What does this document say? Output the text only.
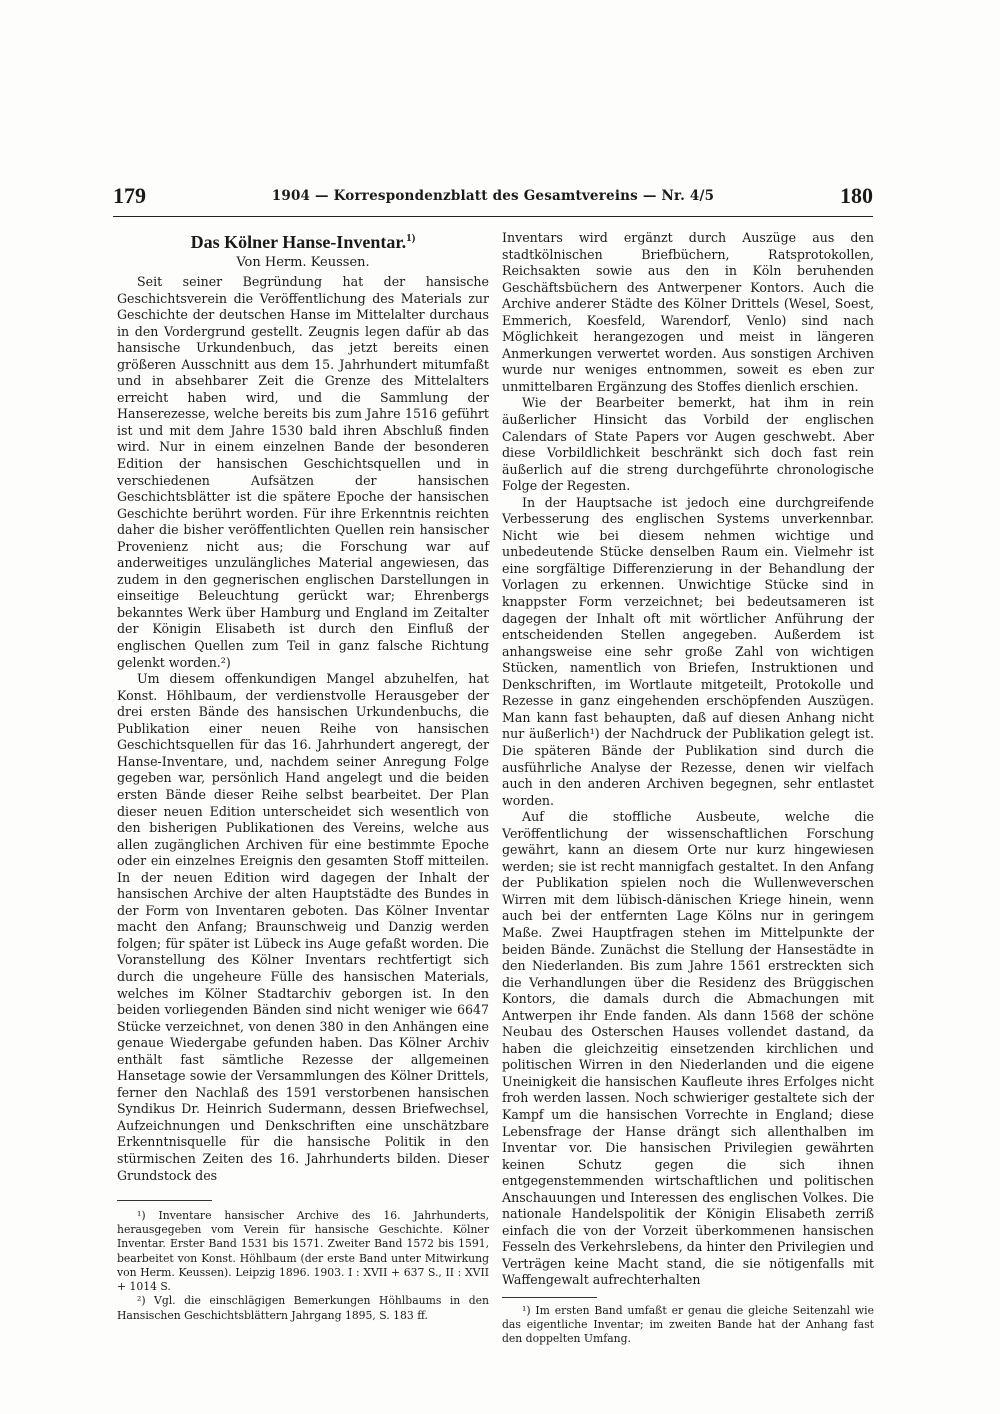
179	1904 — Korrespondenzblatt des Gesamtvereins — Nr. 4/5	180
Das Kölner Hanse-Inventar.$^{1)}$
Von Herm. Keussen.

Seit seiner Begründung hat der hansische Geschichtsverein die Veröffentlichung des Materials zur Geschichte der deutschen Hanse im Mittelalter durchaus in den Vordergrund gestellt. Zeugnis legen dafür ab das hansische Urkundenbuch, das jetzt bereits einen größeren Ausschnitt aus dem 15. Jahrhundert mitumfaßt und in absehbarer Zeit die Grenze des Mittelalters erreicht haben wird, und die Sammlung der Hanserezesse, welche bereits bis zum Jahre 1516 geführt ist und mit dem Jahre 1530 bald ihren Abschluß finden wird. Nur in einem einzelnen Bande der besonderen Edition der hansischen Geschichtsquellen und in verschiedenen Aufsätzen der hansischen Geschichtsblätter ist die spätere Epoche der hansischen Geschichte berührt worden. Für ihre Erkenntnis reichten daher die bisher veröffentlichten Quellen rein hansischer Provenienz nicht aus; die Forschung war auf anderweitiges unzulängliches Material angewiesen, das zudem in den gegnerischen englischen Darstellungen in einseitige Beleuchtung gerückt war; Ehrenbergs bekanntes Werk über Hamburg und England im Zeitalter der Königin Elisabeth ist durch den Einfluß der englischen Quellen zum Teil in ganz falsche Richtung gelenkt worden.²)

Um diesem offenkundigen Mangel abzuhelfen, hat Konst. Höhlbaum, der verdienstvolle Herausgeber der drei ersten Bände des hansischen Urkundenbuchs, die Publikation einer neuen Reihe von hansischen Geschichtsquellen für das 16. Jahrhundert angeregt, der Hanse-Inventare, und, nachdem seiner Anregung Folge gegeben war, persönlich Hand angelegt und die beiden ersten Bände dieser Reihe selbst bearbeitet. Der Plan dieser neuen Edition unterscheidet sich wesentlich von den bisherigen Publikationen des Vereins, welche aus allen zugänglichen Archiven für eine bestimmte Epoche oder ein einzelnes Ereignis den gesamten Stoff mitteilen. In der neuen Edition wird dagegen der Inhalt der hansischen Archive der alten Hauptstädte des Bundes in der Form von Inventaren geboten. Das Kölner Inventar macht den Anfang; Braunschweig und Danzig werden folgen; für später ist Lübeck ins Auge gefaßt worden. Die Voranstellung des Kölner Inventars rechtfertigt sich durch die ungeheure Fülle des hansischen Materials, welches im Kölner Stadtarchiv geborgen ist. In den beiden vorliegenden Bänden sind nicht weniger wie 6647 Stücke verzeichnet, von denen 380 in den Anhängen eine genaue Wiedergabe gefunden haben. Das Kölner Archiv enthält fast sämtliche Rezesse der allgemeinen Hansetage sowie der Versammlungen des Kölner Drittels, ferner den Nachlaß des 1591 verstorbenen hansischen Syndikus Dr. Heinrich Sudermann, dessen Briefwechsel, Aufzeichnungen und Denkschriften eine unschätzbare Erkenntnisquelle für die hansische Politik in den stürmischen Zeiten des 16. Jahrhunderts bilden. Dieser Grundstock des

¹) Inventare hansischer Archive des 16. Jahrhunderts, herausgegeben vom Verein für hansische Geschichte. Kölner Inventar. Erster Band 1531 bis 1571. Zweiter Band 1572 bis 1591, bearbeitet von Konst. Höhlbaum (der erste Band unter Mitwirkung von Herm. Keussen). Leipzig 1896. 1903. I : XVII + 637 S., II : XVII + 1014 S.

²) Vgl. die einschlägigen Bemerkungen Höhlbaums in den Hansischen Geschichtsblättern Jahrgang 1895, S. 183 ff.

Inventars wird ergänzt durch Auszüge aus den stadtkölnischen Briefbüchern, Ratsprotokollen, Reichsakten sowie aus den in Köln beruhenden Geschäftsbüchern des Antwerpener Kontors. Auch die Archive anderer Städte des Kölner Drittels (Wesel, Soest, Emmerich, Koesfeld, Warendorf, Venlo) sind nach Möglichkeit herangezogen und meist in längeren Anmerkungen verwertet worden. Aus sonstigen Archiven wurde nur weniges entnommen, soweit es eben zur unmittelbaren Ergänzung des Stoffes dienlich erschien.

Wie der Bearbeiter bemerkt, hat ihm in rein äußerlicher Hinsicht das Vorbild der englischen Calendars of State Papers vor Augen geschwebt. Aber diese Vorbildlichkeit beschränkt sich doch fast rein äußerlich auf die streng durchgeführte chronologische Folge der Regesten.

In der Hauptsache ist jedoch eine durchgreifende Verbesserung des englischen Systems unverkennbar. Nicht wie bei diesem nehmen wichtige und unbedeutende Stücke denselben Raum ein. Vielmehr ist eine sorgfältige Differenzierung in der Behandlung der Vorlagen zu erkennen. Unwichtige Stücke sind in knappster Form verzeichnet; bei bedeutsameren ist dagegen der Inhalt oft mit wörtlicher Anführung der entscheidenden Stellen angegeben. Außerdem ist anhangsweise eine sehr große Zahl von wichtigen Stücken, namentlich von Briefen, Instruktionen und Denkschriften, im Wortlaute mitgeteilt, Protokolle und Rezesse in ganz eingehenden erschöpfenden Auszügen. Man kann fast behaupten, daß auf diesen Anhang nicht nur äußerlich¹) der Nachdruck der Publikation gelegt ist. Die späteren Bände der Publikation sind durch die ausführliche Analyse der Rezesse, denen wir vielfach auch in den anderen Archiven begegnen, sehr entlastet worden.

Auf die stoffliche Ausbeute, welche die Veröffentlichung der wissenschaftlichen Forschung gewährt, kann an diesem Orte nur kurz hingewiesen werden; sie ist recht mannigfach gestaltet. In den Anfang der Publikation spielen noch die Wullenweverschen Wirren mit dem lübisch-dänischen Kriege hinein, wenn auch bei der entfernten Lage Kölns nur in geringem Maße. Zwei Hauptfragen stehen im Mittelpunkte der beiden Bände. Zunächst die Stellung der Hansestädte in den Niederlanden. Bis zum Jahre 1561 erstreckten sich die Verhandlungen über die Residenz des Brüggischen Kontors, die damals durch die Abmachungen mit Antwerpen ihr Ende fanden. Als dann 1568 der schöne Neubau des Osterschen Hauses vollendet dastand, da haben die gleichzeitig einsetzenden kirchlichen und politischen Wirren in den Niederlanden und die eigene Uneinigkeit die hansischen Kaufleute ihres Erfolges nicht froh werden lassen. Noch schwieriger gestaltete sich der Kampf um die hansischen Vorrechte in England; diese Lebensfrage der Hanse drängt sich allenthalben im Inventar vor. Die hansischen Privilegien gewährten keinen Schutz gegen die sich ihnen entgegenstemmenden wirtschaftlichen und politischen Anschauungen und Interessen des englischen Volkes. Die nationale Handelspolitik der Königin Elisabeth zerriß einfach die von der Vorzeit überkommenen hansischen Fesseln des Verkehrslebens, da hinter den Privilegien und Verträgen keine Macht stand, die sie nötigenfalls mit Waffengewalt aufrechterhalten

¹) Im ersten Band umfaßt er genau die gleiche Seitenzahl wie das eigentliche Inventar; im zweiten Bande hat der Anhang fast den doppelten Umfang.
